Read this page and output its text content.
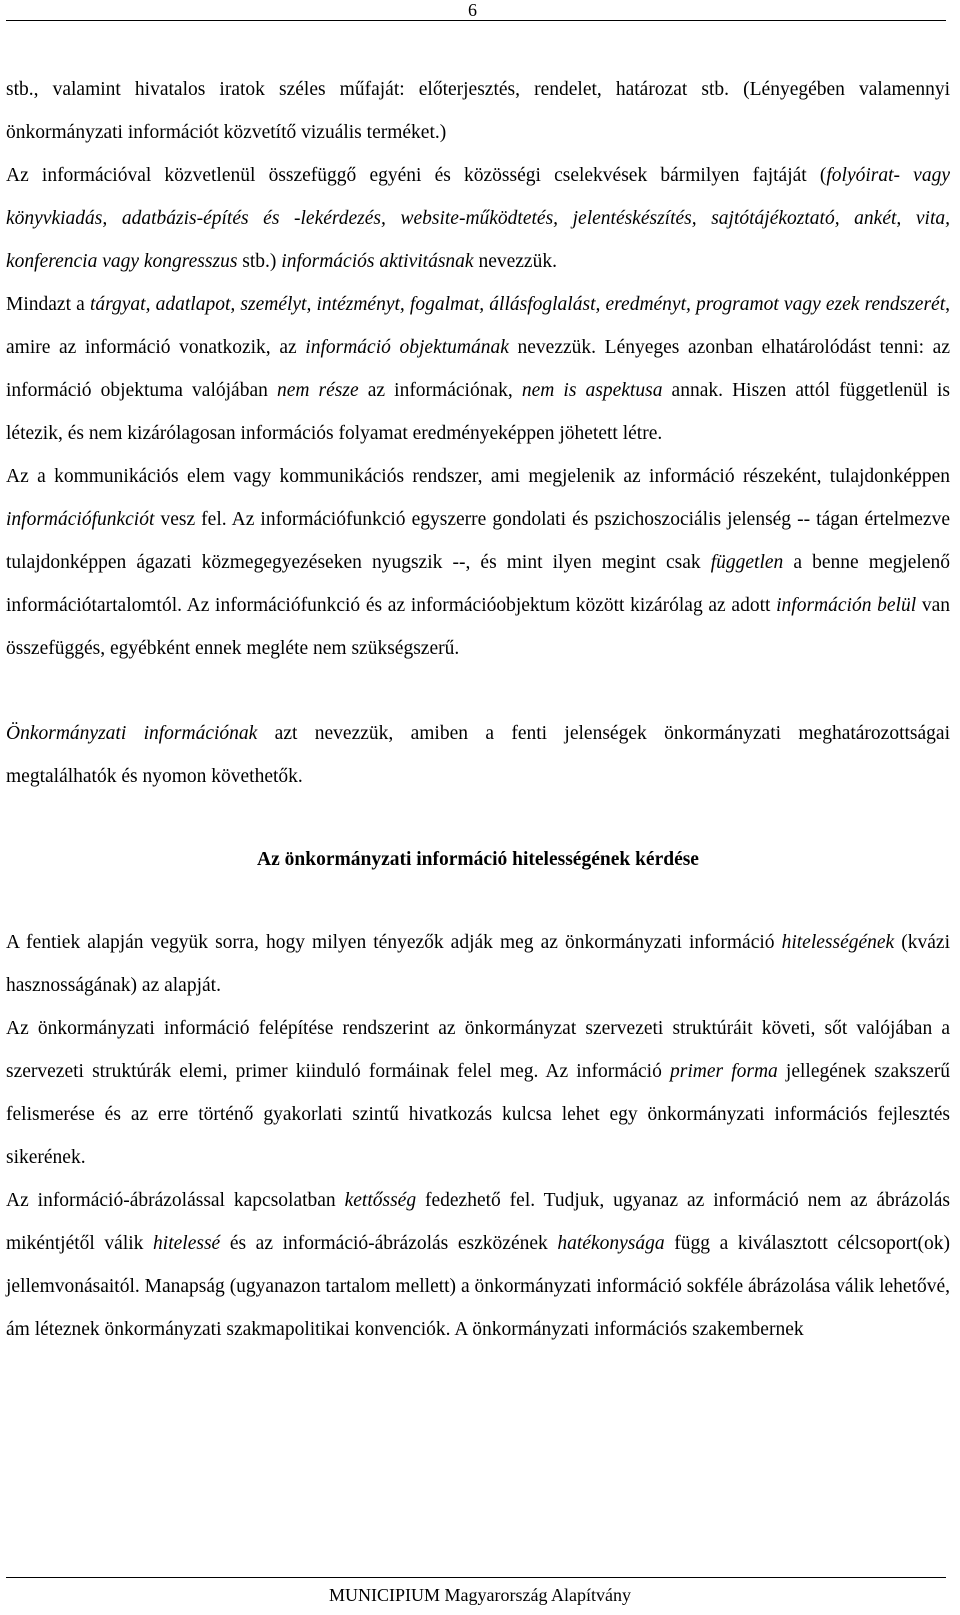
6

stb., valamint hivatalos iratok széles műfaját: előterjesztés, rendelet, határozat stb. (Lényegében valamennyi önkormányzati információt közvetítő vizuális terméket.)

Az információval közvetlenül összefüggő egyéni és közösségi cselekvések bármilyen fajtáját (folyóirat- vagy könyvkiadás, adatbázis-építés és -lekérdezés, website-működtetés, jelentéskészítés, sajtótájékoztató, ankét, vita, konferencia vagy kongresszus stb.) információs aktivitásnak nevezzük.

Mindazt a tárgyat, adatlapot, személyt, intézményt, fogalmat, állásfoglalást, eredményt, programot vagy ezek rendszerét, amire az információ vonatkozik, az információ objektumának nevezzük. Lényeges azonban elhatárolódást tenni: az információ objektuma valójában nem része az információnak, nem is aspektusa annak. Hiszen attól függetlenül is létezik, és nem kizárólagosan információs folyamat eredményeképpen jöhetett létre.

Az a kommunikációs elem vagy kommunikációs rendszer, ami megjelenik az információ részeként, tulajdonképpen információfunkciót vesz fel. Az információfunkció egyszerre gondolati és pszichoszociális jelenség -- tágan értelmezve tulajdonképpen ágazati közmegegyezéseken nyugszik --, és mint ilyen megint csak független a benne megjelenő információtartalomtól. Az információfunkció és az információobjektum között kizárólag az adott információn belül van összefüggés, egyébként ennek megléte nem szükségszerű.

Önkormányzati információnak azt nevezzük, amiben a fenti jelenségek önkormányzati meghatározottságai megtalálhatók és nyomon követhetők.

Az önkormányzati információ hitelességének kérdése

A fentiek alapján vegyük sorra, hogy milyen tényezők adják meg az önkormányzati információ hitelességének (kvázi hasznosságának) az alapját.

Az önkormányzati információ felépítése rendszerint az önkormányzat szervezeti struktúráit követi, sőt valójában a szervezeti struktúrák elemi, primer kiinduló formáinak felel meg. Az információ primer forma jellegének szakszerű felismerése és az erre történő gyakorlati szintű hivatkozás kulcsa lehet egy önkormányzati információs fejlesztés sikerének.

Az információ-ábrázolással kapcsolatban kettősség fedezhető fel. Tudjuk, ugyanaz az információ nem az ábrázolás mikéntjétől válik hitelessé és az információ-ábrázolás eszközének hatékonysága függ a kiválasztott célcsoport(ok) jellemvonásaitól. Manapság (ugyanazon tartalom mellett) a önkormányzati információ sokféle ábrázolása válik lehetővé, ám léteznek önkormányzati szakmapolitikai konvenciók. A önkormányzati információs szakembernek

MUNICIPIUM Magyarország Alapítvány
